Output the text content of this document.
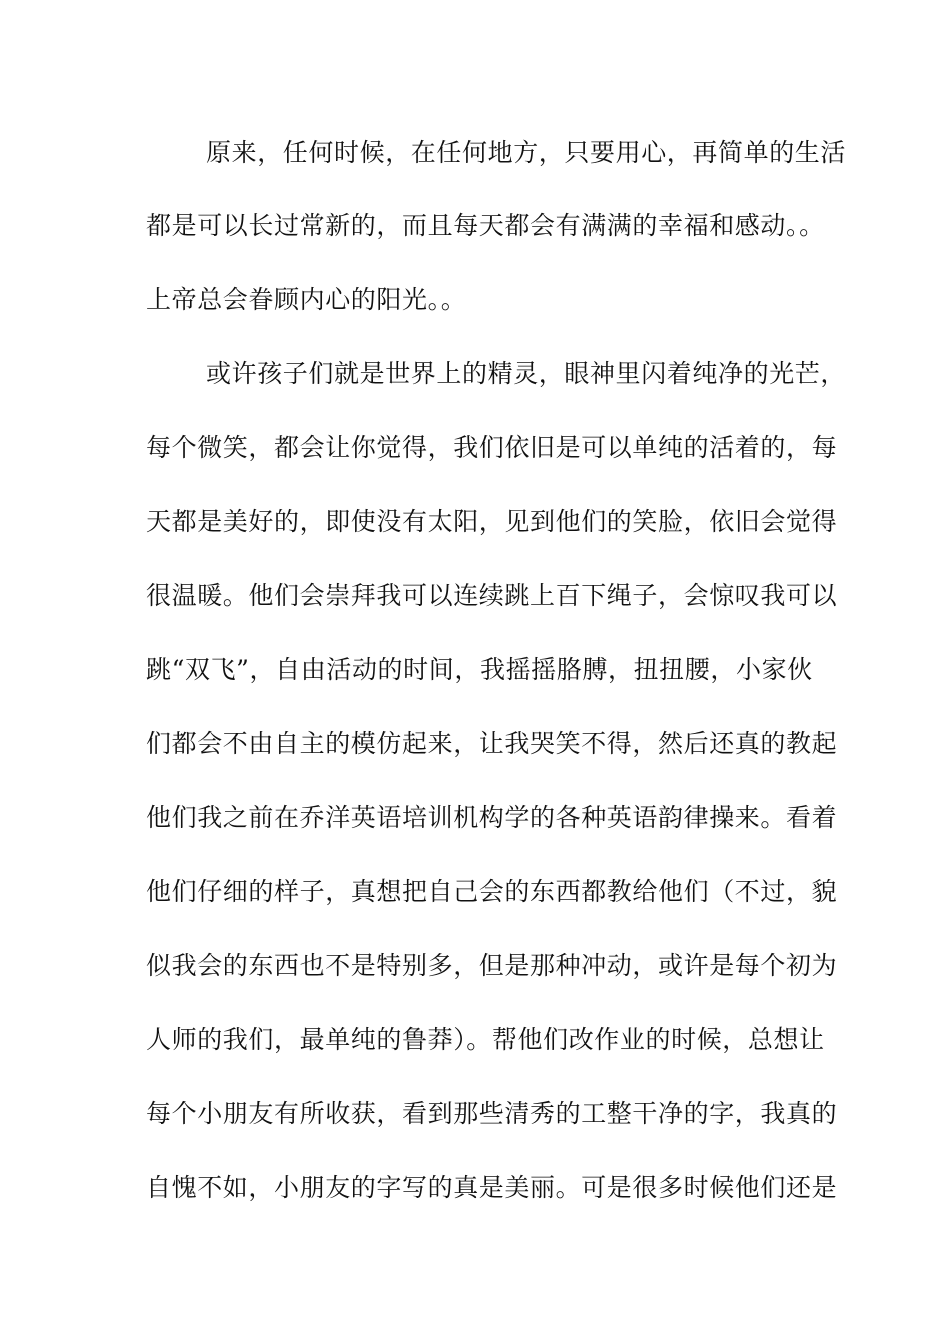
原来，任何时候，在任何地方，只要用心，再简单的生活
都是可以长过常新的，而且每天都会有满满的幸福和感动。。
上帝总会眷顾内心的阳光。。
或许孩子们就是世界上的精灵，眼神里闪着纯净的光芒，
每个微笑，都会让你觉得，我们依旧是可以单纯的活着的，每
天都是美好的，即使没有太阳，见到他们的笑脸，依旧会觉得
很温暖。他们会崇拜我可以连续跳上百下绳子，会惊叹我可以
跳“双飞”，自由活动的时间，我摇摇胳膊，扭扭腰，小家伙
们都会不由自主的模仿起来，让我哭笑不得，然后还真的教起
他们我之前在乔洋英语培训机构学的各种英语韵律操来。看着
他们仔细的样子，真想把自己会的东西都教给他们（不过，貌
似我会的东西也不是特别多，但是那种冲动，或许是每个初为
人师的我们，最单纯的鲁莽）。帮他们改作业的时候，总想让
每个小朋友有所收获，看到那些清秀的工整干净的字，我真的
自愧不如，小朋友的字写的真是美丽。可是很多时候他们还是
